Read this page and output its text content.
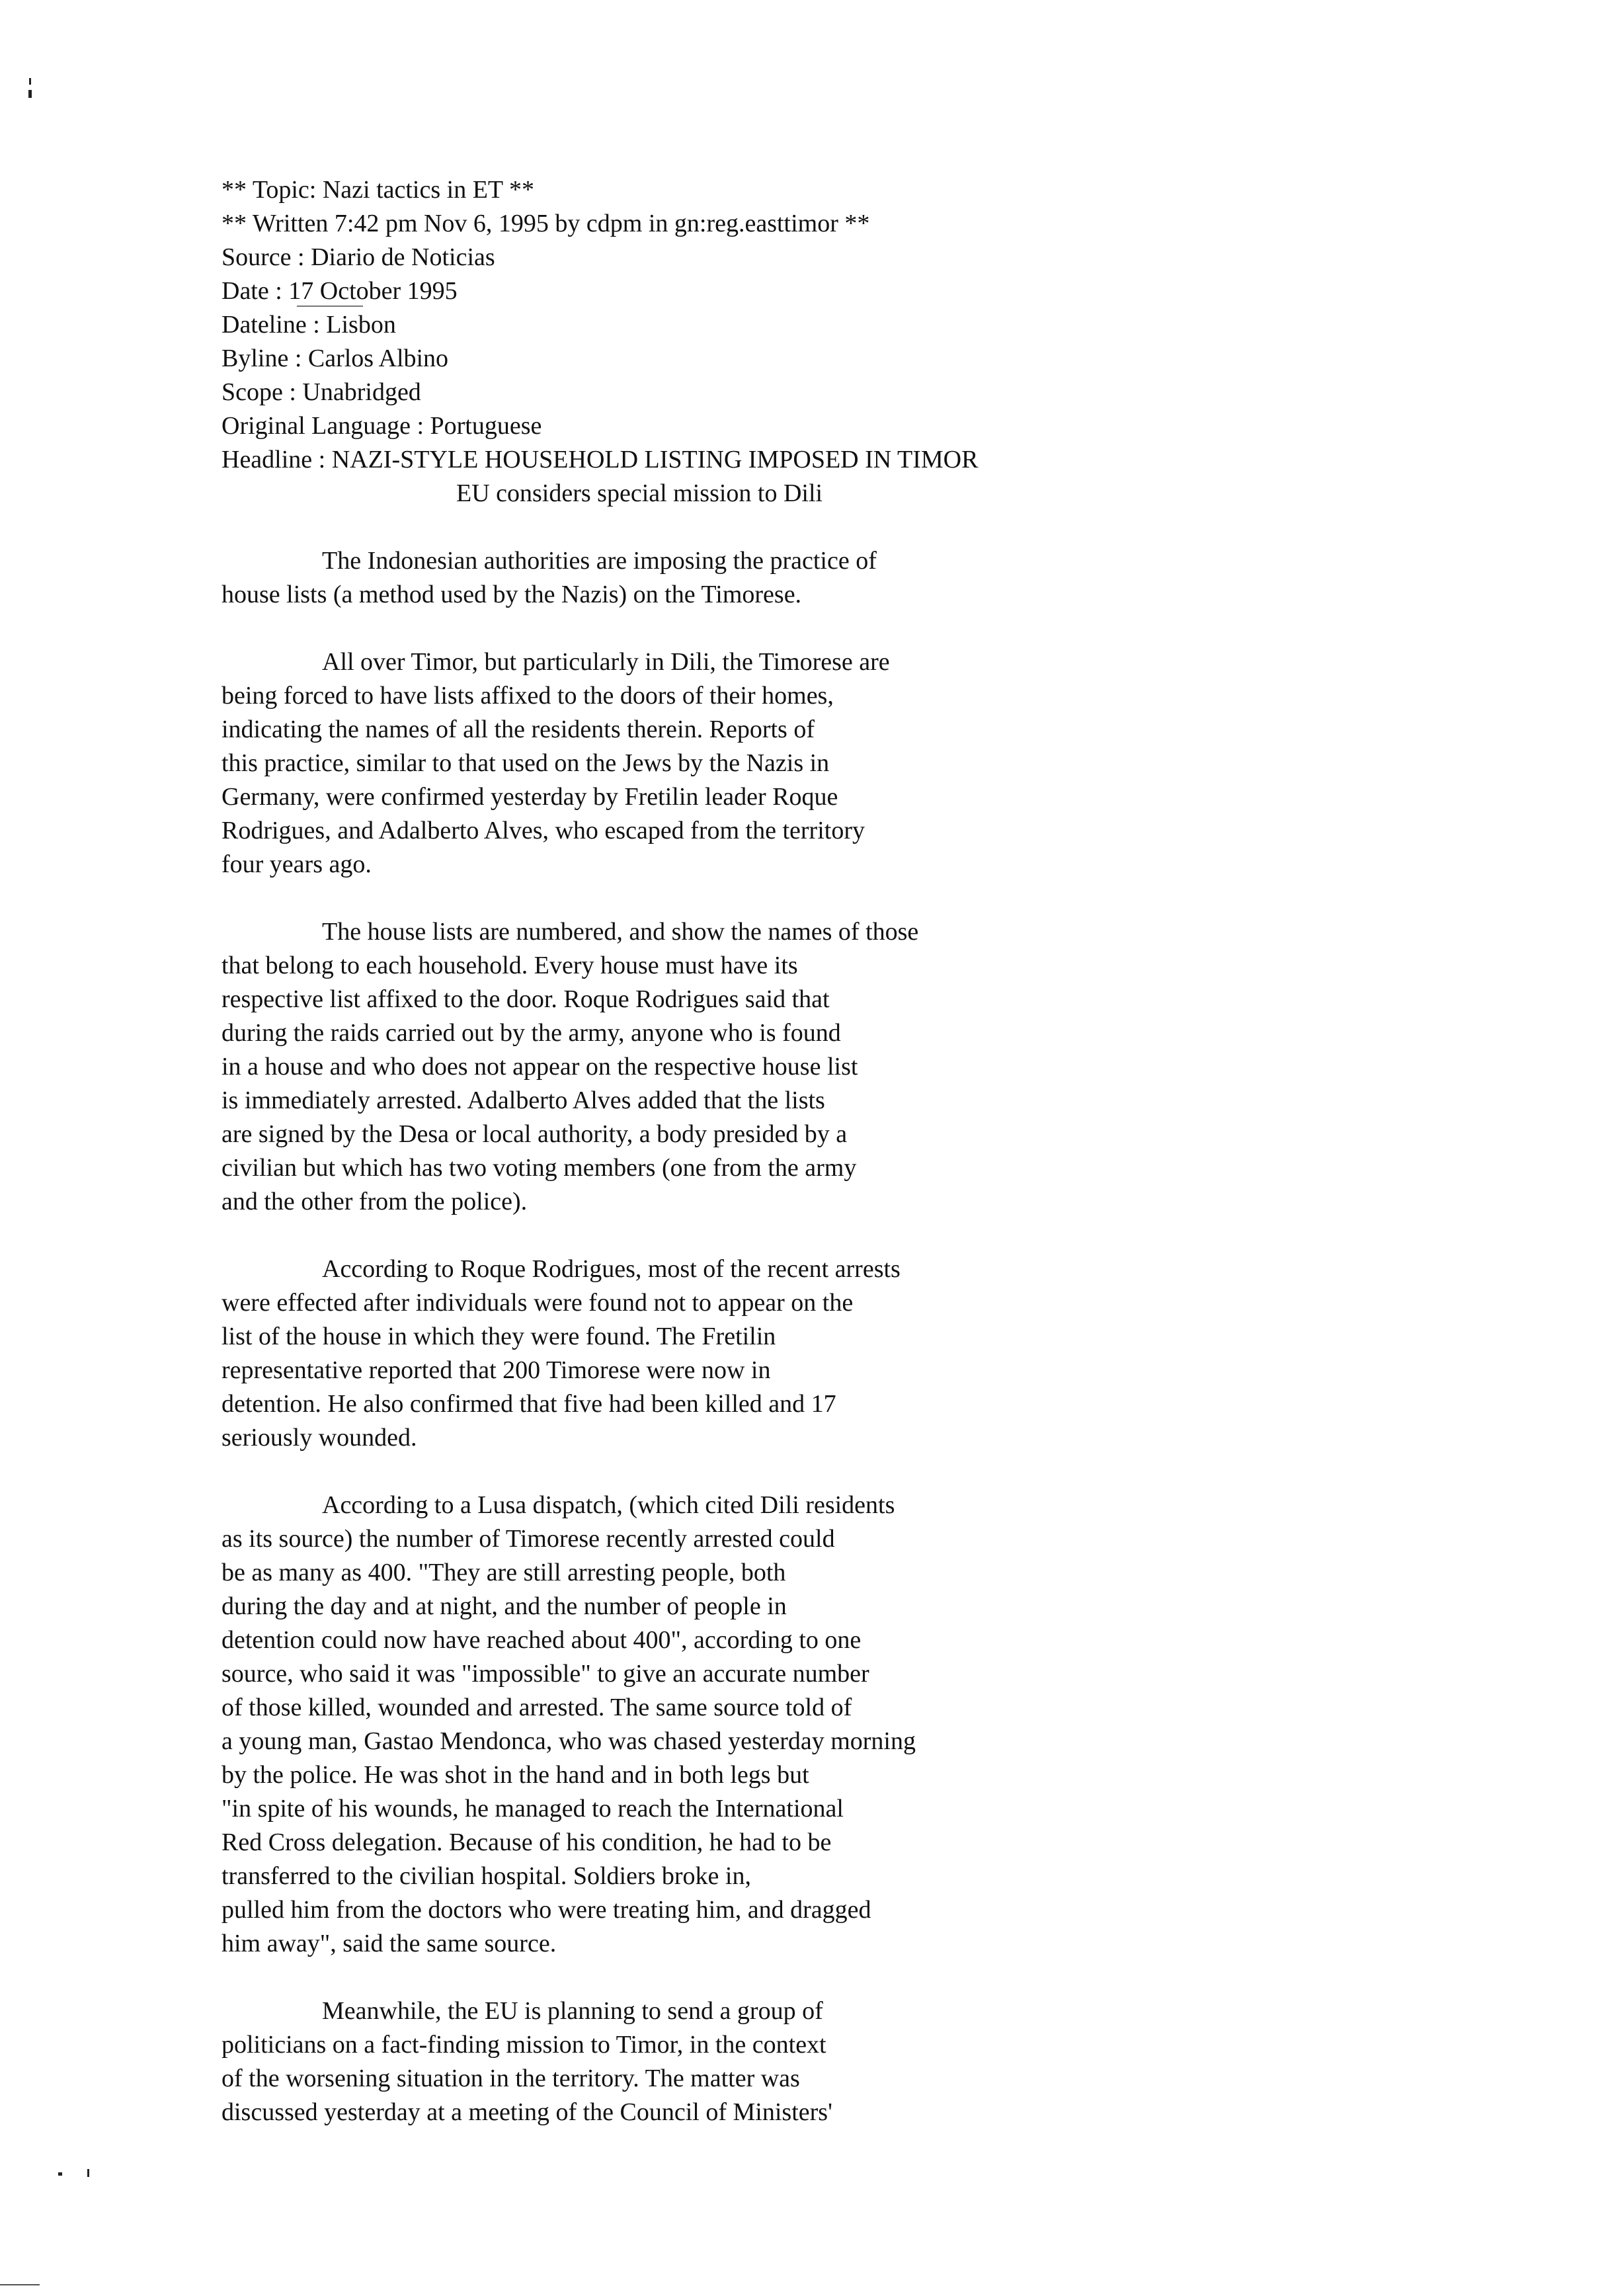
** Topic: Nazi tactics in ET **
** Written 7:42 pm Nov 6, 1995 by cdpm in gn:reg.easttimor **
Source : Diario de Noticias
Date : 17 October 1995
Dateline : Lisbon
Byline : Carlos Albino
Scope : Unabridged
Original Language : Portuguese
Headline : NAZI-STYLE HOUSEHOLD LISTING IMPOSED IN TIMOR
EU considers special mission to Dili
The Indonesian authorities are imposing the practice of
house lists (a method used by the Nazis) on the Timorese.
All over Timor, but particularly in Dili, the Timorese are
being forced to have lists affixed to the doors of their homes,
indicating the names of all the residents therein. Reports of
this practice, similar to that used on the Jews by the Nazis in
Germany, were confirmed yesterday by Fretilin leader Roque
Rodrigues, and Adalberto Alves, who escaped from the territory
four years ago.
The house lists are numbered, and show the names of those
that belong to each household. Every house must have its
respective list affixed to the door. Roque Rodrigues said that
during the raids carried out by the army, anyone who is found
in a house and who does not appear on the respective house list
is immediately arrested. Adalberto Alves added that the lists
are signed by the Desa or local authority, a body presided by a
civilian but which has two voting members (one from the army
and the other from the police).
According to Roque Rodrigues, most of the recent arrests
were effected after individuals were found not to appear on the
list of the house in which they were found. The Fretilin
representative reported that 200 Timorese were now in
detention. He also confirmed that five had been killed and 17
seriously wounded.
According to a Lusa dispatch, (which cited Dili residents
as its source) the number of Timorese recently arrested could
be as many as 400. "They are still arresting people, both
during the day and at night, and the number of people in
detention could now have reached about 400", according to one
source, who said it was "impossible" to give an accurate number
of those killed, wounded and arrested. The same source told of
a young man, Gastao Mendonca, who was chased yesterday morning
by the police. He was shot in the hand and in both legs but
"in spite of his wounds, he managed to reach the International
Red Cross delegation. Because of his condition, he had to be
transferred to the civilian hospital. Soldiers broke in,
pulled him from the doctors who were treating him, and dragged
him away", said the same source.
Meanwhile, the EU is planning to send a group of
politicians on a fact-finding mission to Timor, in the context
of the worsening situation in the territory. The matter was
discussed yesterday at a meeting of the Council of Ministers'
